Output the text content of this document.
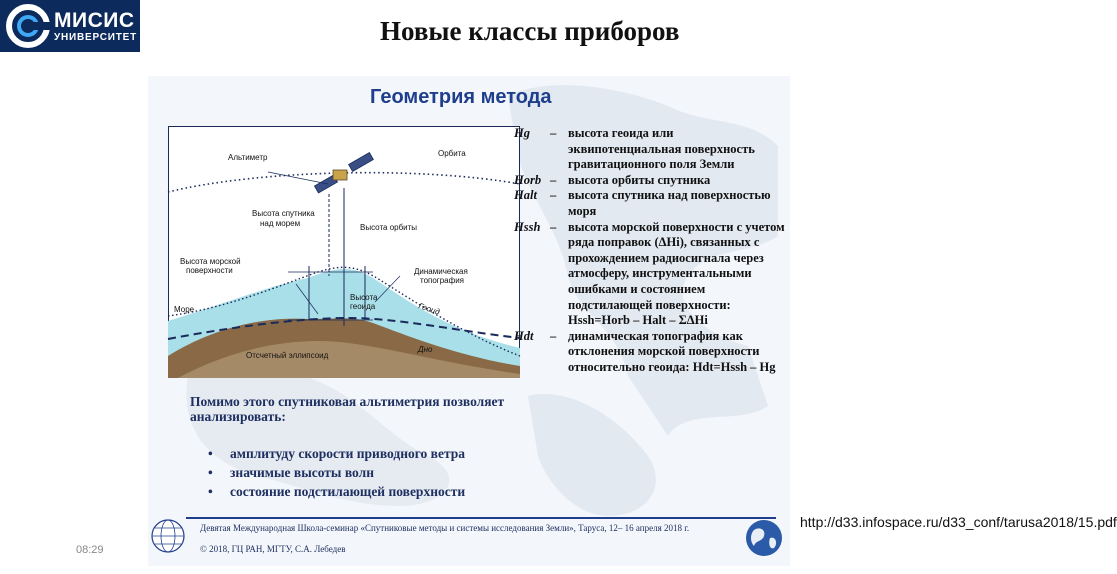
МИСИС
УНИВЕРСИТЕТ	Новые классы приборов
Геометрия метода
Альтиметр	Орбита
Высота спутника
над морем	Высота орбиты
Высота морской
поверхности	Динамическая
топография
Море
Высота
геоида	Геоид
Дно
Отсчетный эллипсоид
Hg	– высота геоида или эквипотенциальная поверхность гравитационного поля Земли
Horb – высота орбиты спутника
Halt	– высота спутника над поверхностью моря
Hssh – высота морской поверхности с учетом ряда поправок (ΔHi), связанных с прохождением радиосигнала через атмосферу, инструментальными ошибками и состоянием подстилающей поверхности: Hssh=Horb – Halt – ΣΔHi
Hdt	– динамическая топография как отклонения морской поверхности относительно геоида: Hdt=Hssh – Hg
Помимо этого спутниковая альтиметрия позволяет анализировать:
• амплитуду скорости приводного ветра
• значимые высоты волн
• состояние подстилающей поверхности
Девятая Международная Школа-семинар «Спутниковые методы и системы исследования Земли», Таруса, 12– 16 апреля 2018 г.
© 2018, ГЦ РАН, МГТУ, С.А. Лебедев
08:29
http://d33.infospace.ru/d33_conf/tarusa2018/15.pdf
